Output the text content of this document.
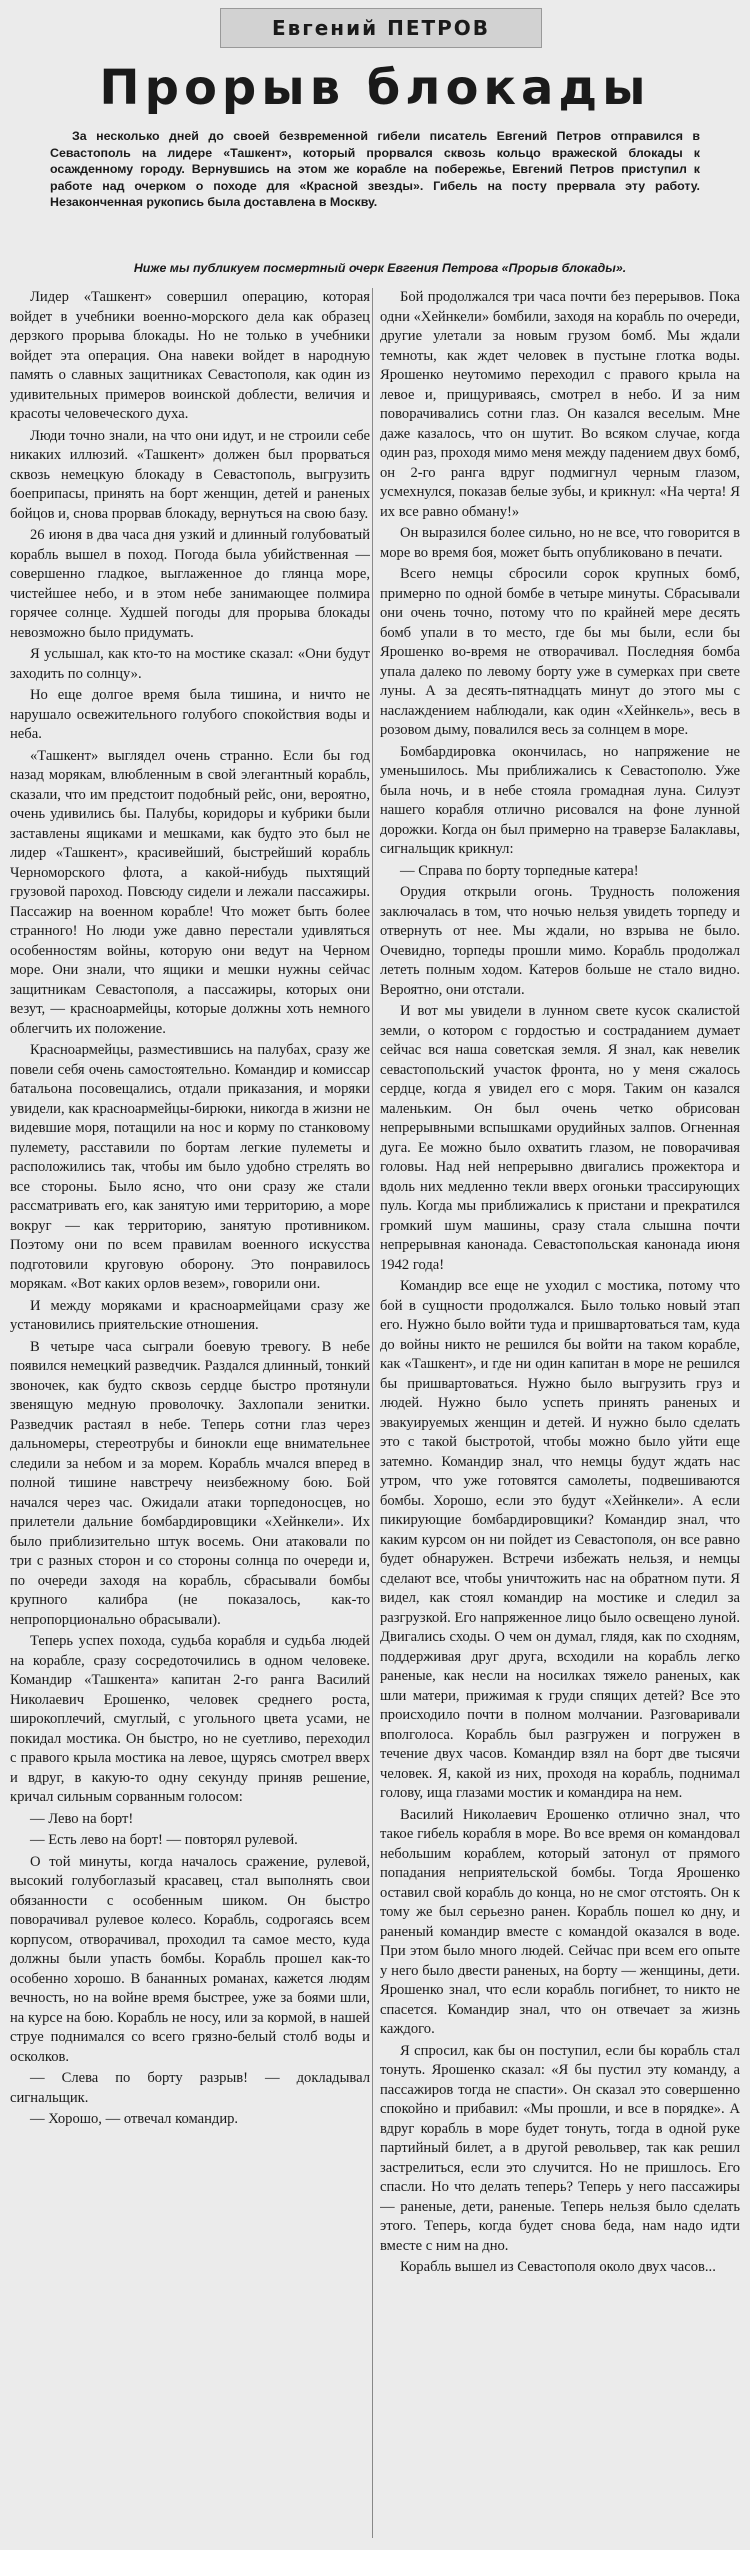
Евгений ПЕТРОВ
Прорыв блокады
За несколько дней до своей безвременной гибели писатель Евгений Петров отправился в Севастополь на лидере «Ташкент», который прорвался сквозь кольцо вражеской блокады к осажденному городу. Вернувшись на этом же корабле на побережье, Евгений Петров приступил к работе над очерком о походе для «Красной звезды». Гибель на посту прервала эту работу. Незаконченная рукопись была доставлена в Москву.
Ниже мы публикуем посмертный очерк Евгения Петрова «Прорыв блокады».

Лидер «Ташкент» совершил операцию, которая войдет в учебники военно-морского дела как образец дерзкого прорыва блокады. Но не только в учебники войдет эта операция. Она навеки войдет в народную память о славных защитниках Севастополя, как один из удивительных примеров воинской доблести, величия и красоты человеческого духа.

Люди точно знали, на что они идут, и не строили себе никаких иллюзий. «Ташкент» должен был прорваться сквозь немецкую блокаду в Севастополь, выгрузить боеприпасы, принять на борт женщин, детей и раненых бойцов и, снова прорвав блокаду, вернуться на свою базу.

26 июня в два часа дня узкий и длинный голубоватый корабль вышел в поход. Погода была убийственная — совершенно гладкое, выглаженное до глянца море, чистейшее небо, и в этом небе занимающее полмира горячее солнце. Худшей погоды для прорыва блокады невозможно было придумать.

Я услышал, как кто-то на мостике сказал: «Они будут заходить по солнцу».

Но еще долгое время была тишина, и ничто не нарушало освежительного голубого спокойствия воды и неба.

«Ташкент» выглядел очень странно. Если бы год назад морякам, влюбленным в свой элегантный корабль, сказали, что им предстоит подобный рейс, они, вероятно, очень удивились бы. Палубы, коридоры и кубрики были заставлены ящиками и мешками, как будто это был не лидер «Ташкент», красивейший, быстрейший корабль Черноморского флота, а какой-нибудь пыхтящий грузовой пароход. Повсюду сидели и лежали пассажиры. Пассажир на военном корабле! Что может быть более странного! Но люди уже давно перестали удивляться особенностям войны, которую они ведут на Черном море. Они знали, что ящики и мешки нужны сейчас защитникам Севастополя, а пассажиры, которых они везут, — красноармейцы, которые должны хоть немного облегчить их положение.

Красноармейцы, разместившись на палубах, сразу же повели себя очень самостоятельно. Командир и комиссар батальона посовещались, отдали приказания, и моряки увидели, как красноармейцы-бирюки, никогда в жизни не видевшие моря, потащили на нос и корму по станковому пулемету, расставили по бортам легкие пулеметы и расположились так, чтобы им было удобно стрелять во все стороны. Было ясно, что они сразу же стали рассматривать его, как занятую ими территорию, а море вокруг — как территорию, занятую противником. Поэтому они по всем правилам военного искусства подготовили круговую оборону. Это понравилось морякам. «Вот каких орлов везем», говорили они.

И между моряками и красноармейцами сразу же установились приятельские отношения.

В четыре часа сыграли боевую тревогу. В небе появился немецкий разведчик. Раздался длинный, тонкий звоночек, как будто сквозь сердце быстро протянули звенящую медную проволочку. Захлопали зенитки. Разведчик растаял в небе. Теперь сотни глаз через дальномеры, стереотрубы и бинокли еще внимательнее следили за небом и за морем. Корабль мчался вперед в полной тишине навстречу неизбежному бою. Бой начался через час. Ожидали атаки торпедоносцев, но прилетели дальние бомбардировщики «Хейнкели». Их было приблизительно штук восемь. Они атаковали по три с разных сторон и со стороны солнца по очереди и, по очереди заходя на корабль, сбрасывали бомбы крупного калибра (не показалось, как-то непропорционально обрасывали).

Теперь успех похода, судьба корабля и судьба людей на корабле, сразу сосредоточились в одном человеке. Командир «Ташкента» капитан 2-го ранга Василий Николаевич Ерошенко, человек среднего роста, широкоплечий, смуглый, с угольного цвета усами, не покидал мостика. Он быстро, но не суетливо, переходил с правого крыла мостика на левое, щурясь смотрел вверх и вдруг, в какую-то одну секунду приняв решение, кричал сильным сорванным голосом:

— Лево на борт!

— Есть лево на борт! — повторял рулевой.

О той минуты, когда началось сражение, рулевой, высокий голубоглазый красавец, стал выполнять свои обязанности с особенным шиком. Он быстро поворачивал рулевое колесо. Корабль, содрогаясь всем корпусом, отворачивал, проходил та самое место, куда должны были упасть бомбы. Корабль прошел как-то особенно хорошо. В бананных романах, кажется людям вечность, но на войне время быстрее, уже за боями шли, на курсе на бою. Корабль не носу, или за кормой, в нашей струе поднимался со всего грязно-белый столб воды и осколков.

— Слева по борту разрыв! — докладывал сигнальщик.

— Хорошо, — отвечал командир.

Бой продолжался три часа почти без перерывов. Пока одни «Хейнкели» бомбили, заходя на корабль по очереди, другие улетали за новым грузом бомб. Мы ждали темноты, как ждет человек в пустыне глотка воды. Ярошенко неутомимо переходил с правого крыла на левое и, прищуриваясь, смотрел в небо. И за ним поворачивались сотни глаз. Он казался веселым. Мне даже казалось, что он шутит. Во всяком случае, когда один раз, проходя мимо меня между падением двух бомб, он 2-го ранга вдруг подмигнул черным глазом, усмехнулся, показав белые зубы, и крикнул: «На черта! Я их все равно обману!»

Он выразился более сильно, но не все, что говорится в море во время боя, может быть опубликовано в печати.

Всего немцы сбросили сорок крупных бомб, примерно по одной бомбе в четыре минуты. Сбрасывали они очень точно, потому что по крайней мере десять бомб упали в то место, где бы мы были, если бы Ярошенко во-время не отворачивал. Последняя бомба упала далеко по левому борту уже в сумерках при свете луны. А за десять-пятнадцать минут до этого мы с наслаждением наблюдали, как один «Хейнкель», весь в розовом дыму, повалился весь за солнцем в море.

Бомбардировка окончилась, но напряжение не уменьшилось. Мы приближались к Севастополю. Уже была ночь, и в небе стояла громадная луна. Силуэт нашего корабля отлично рисовался на фоне лунной дорожки. Когда он был примерно на траверзе Балаклавы, сигнальщик крикнул:

— Справа по борту торпедные катера!

Орудия открыли огонь. Трудность положения заключалась в том, что ночью нельзя увидеть торпеду и отвернуть от нее. Мы ждали, но взрыва не было. Очевидно, торпеды прошли мимо. Корабль продолжал лететь полным ходом. Катеров больше не стало видно. Вероятно, они отстали.

И вот мы увидели в лунном свете кусок скалистой земли, о котором с гордостью и состраданием думает сейчас вся наша советская земля. Я знал, как невелик севастопольский участок фронта, но у меня сжалось сердце, когда я увидел его с моря. Таким он казался маленьким. Он был очень четко обрисован непрерывными вспышками орудийных залпов. Огненная дуга. Ее можно было охватить глазом, не поворачивая головы. Над ней непрерывно двигались прожектора и вдоль них медленно текли вверх огоньки трассирующих пуль. Когда мы приближались к пристани и прекратился громкий шум машины, сразу стала слышна почти непрерывная канонада. Севастопольская канонада июня 1942 года!

Командир все еще не уходил с мостика, потому что бой в сущности продолжался. Было только новый этап его. Нужно было войти туда и пришвартоваться там, куда до войны никто не решился бы войти на таком корабле, как «Ташкент», и где ни один капитан в море не решился бы пришвартоваться. Нужно было выгрузить груз и людей. Нужно было успеть принять раненых и эвакуируемых женщин и детей. И нужно было сделать это с такой быстротой, чтобы можно было уйти еще затемно. Командир знал, что немцы будут ждать нас утром, что уже готовятся самолеты, подвешиваются бомбы. Хорошо, если это будут «Хейнкели». А если пикирующие бомбардировщики? Командир знал, что каким курсом он ни пойдет из Севастополя, он все равно будет обнаружен. Встречи избежать нельзя, и немцы сделают все, чтобы уничтожить нас на обратном пути. Я видел, как стоял командир на мостике и следил за разгрузкой. Его напряженное лицо было освещено луной. Двигались сходы. О чем он думал, глядя, как по сходням, поддерживая друг друга, всходили на корабль легко раненые, как несли на носилках тяжело раненых, как шли матери, прижимая к груди спящих детей? Все это происходило почти в полном молчании. Разговаривали вполголоса. Корабль был разгружен и погружен в течение двух часов. Командир взял на борт две тысячи человек. Я, какой из них, проходя на корабль, поднимал голову, ища глазами мостик и командира на нем.

Василий Николаевич Ерошенко отлично знал, что такое гибель корабля в море. Во все время он командовал небольшим кораблем, который затонул от прямого попадания неприятельской бомбы. Тогда Ярошенко оставил свой корабль до конца, но не смог отстоять. Он к тому же был серьезно ранен. Корабль пошел ко дну, и раненый командир вместе с командой оказался в воде. При этом было много людей. Сейчас при всем его опыте у него было двести раненых, на борту — женщины, дети. Ярошенко знал, что если корабль погибнет, то никто не спасется. Командир знал, что он отвечает за жизнь каждого.

Я спросил, как бы он поступил, если бы корабль стал тонуть. Ярошенко сказал: «Я бы пустил эту команду, а пассажиров тогда не спасти». Он сказал это совершенно спокойно и прибавил: «Мы прошли, и все в порядке». А вдруг корабль в море будет тонуть, тогда в одной руке партийный билет, а в другой револьвер, так как решил застрелиться, если это случится. Но не пришлось. Его спасли. Но что делать теперь? Теперь у него пассажиры — раненые, дети, раненые. Теперь нельзя было сделать этого. Теперь, когда будет снова беда, нам надо идти вместе с ним на дно.

Корабль вышел из Севастополя около двух часов...
